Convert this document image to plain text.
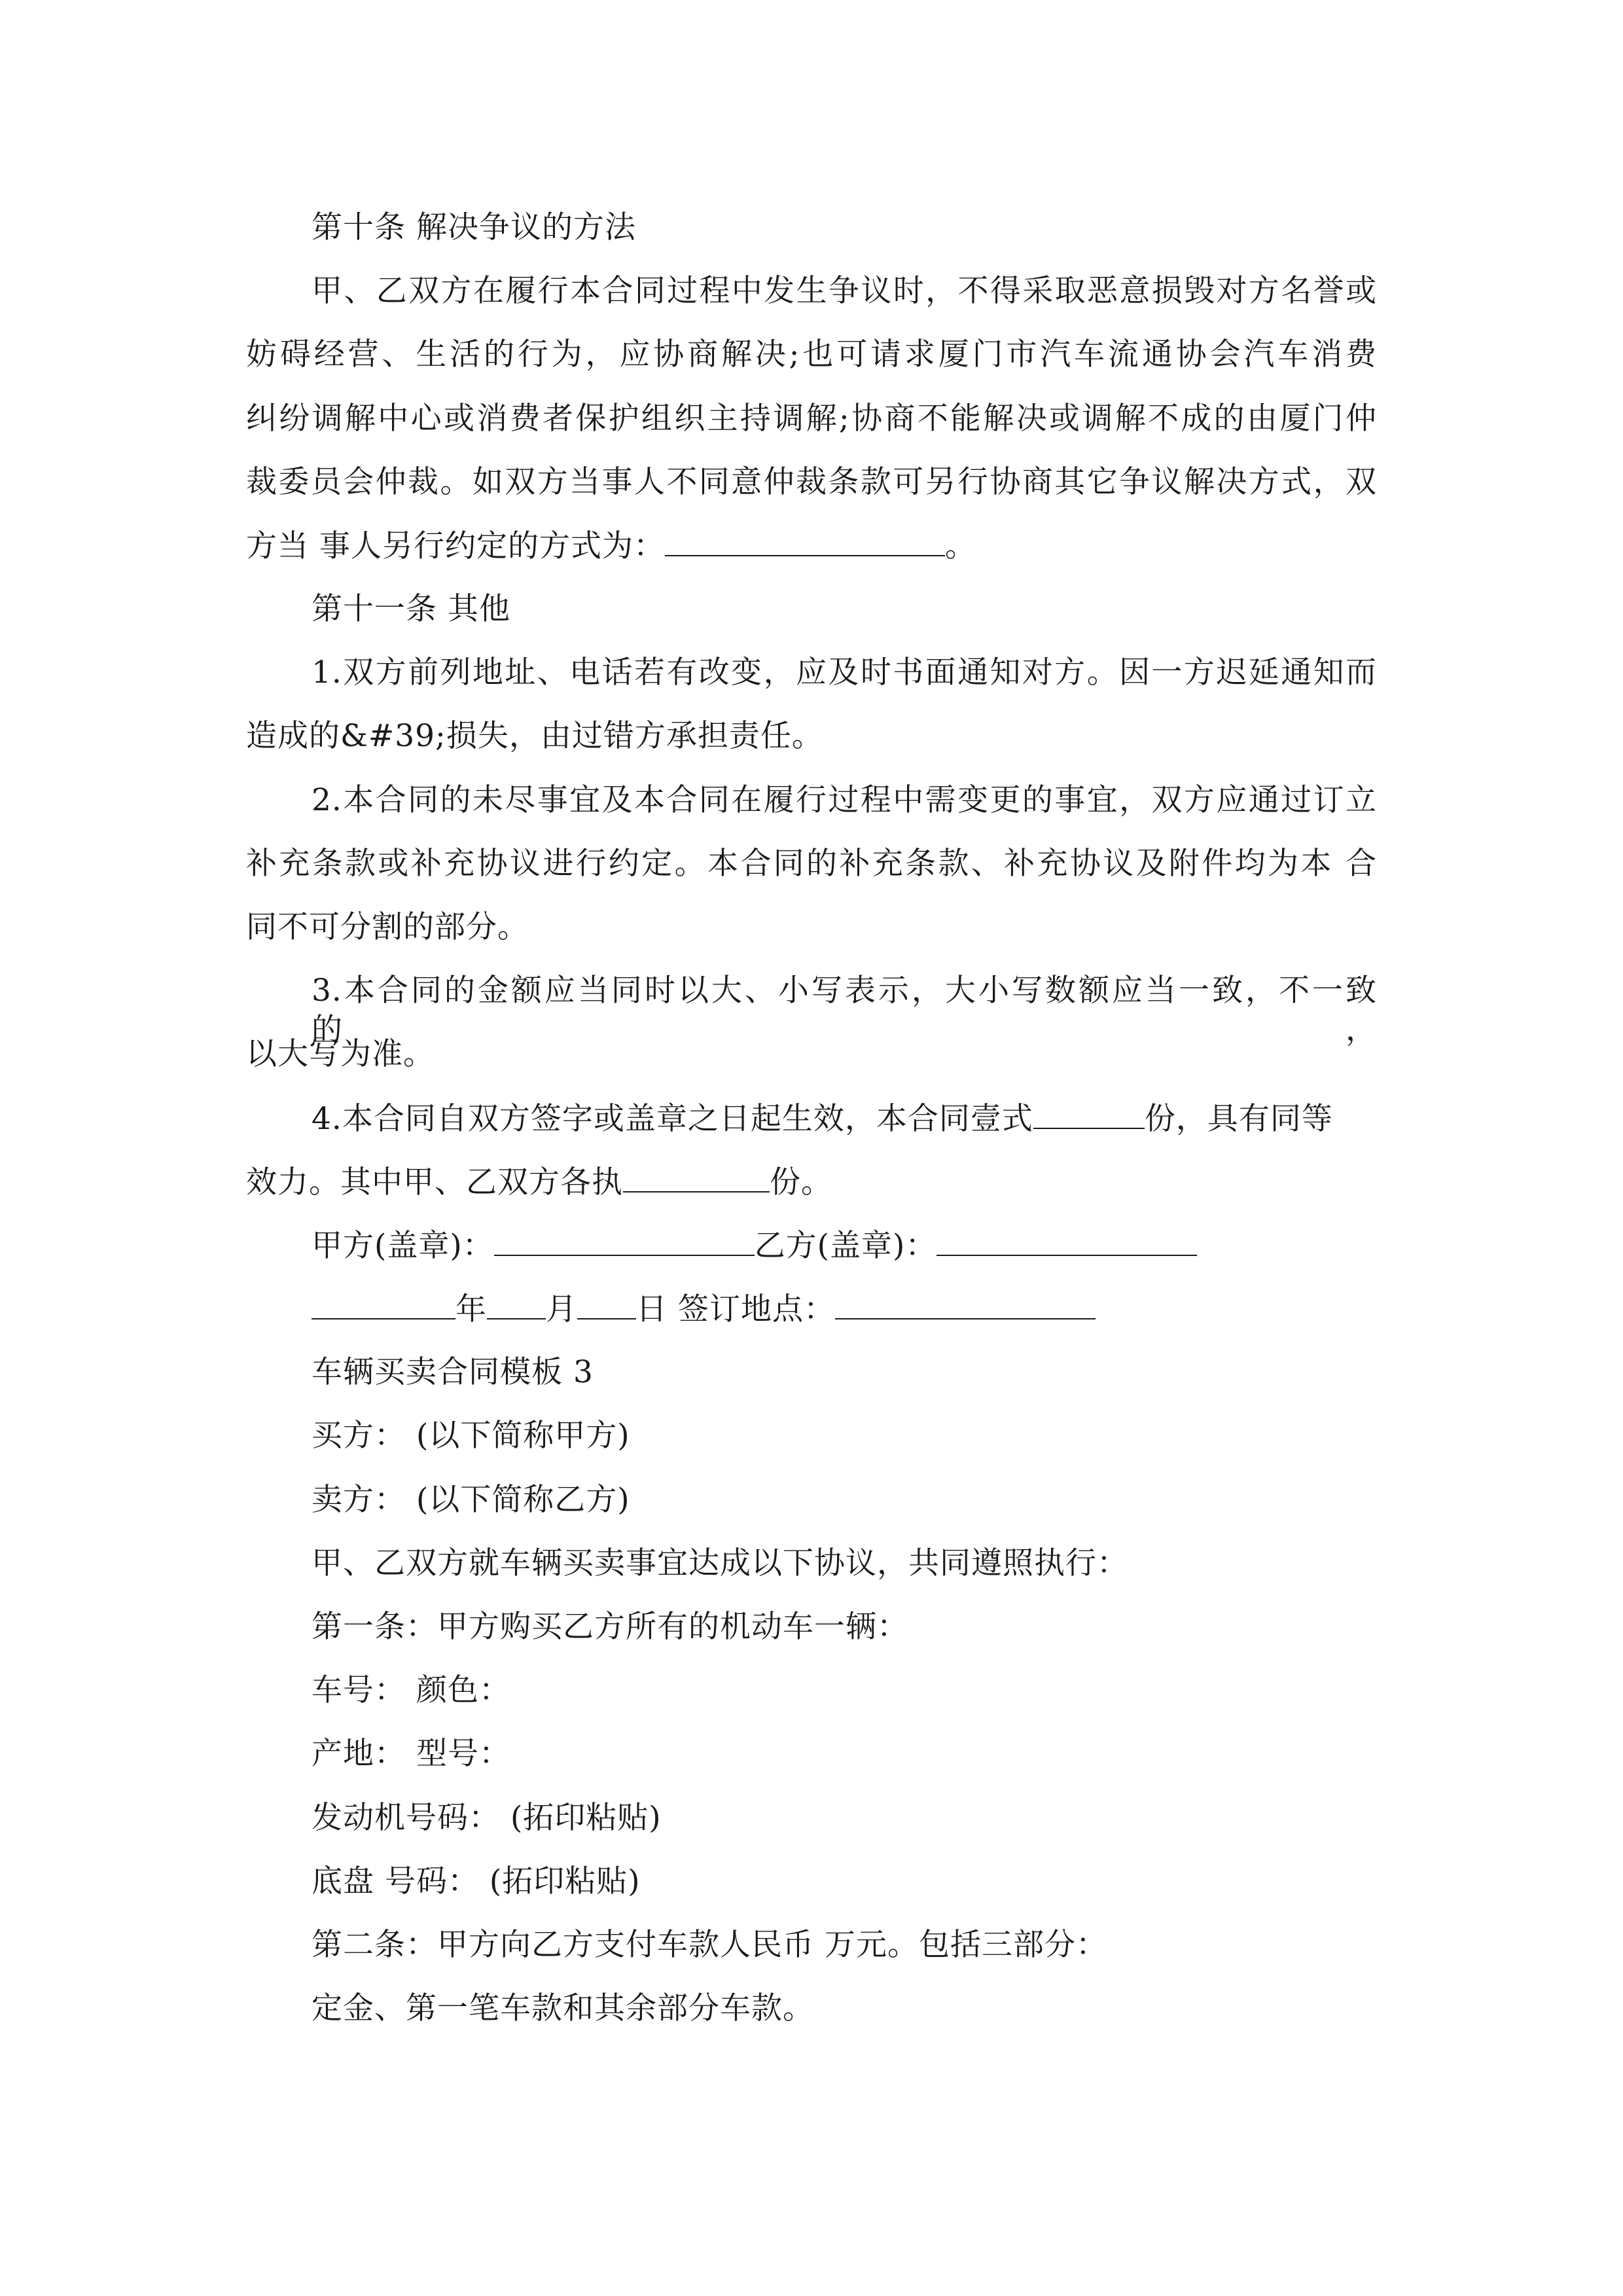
第十条 解决争议的方法
甲、乙双方在履行本合同过程中发生争议时，不得采取恶意损毁对方名誉或
妨碍经营、生活的行为，应协商解决;也可请求厦门市汽车流通协会汽车消费
纠纷调解中心或消费者保护组织主持调解;协商不能解决或调解不成的由厦门仲
裁委员会仲裁。如双方当事人不同意仲裁条款可另行协商其它争议解决方式，双
方当 事人另行约定的方式为：	。
第十一条 其他
1.双方前列地址、电话若有改变，应及时书面通知对方。因一方迟延通知而
造成的&#39;损失，由过错方承担责任。
2.本合同的未尽事宜及本合同在履行过程中需变更的事宜，双方应通过订立
补充条款或补充协议进行约定。本合同的补充条款、补充协议及附件均为本 合
同不可分割的部分。
3.本合同的金额应当同时以大、小写表示，大小写数额应当一致，不一致的，
以大写为准。
4.本合同自双方签字或盖章之日起生效，本合同壹式	份，具有同等
效力。其中甲、乙双方各执	份。
甲方(盖章)：	乙方(盖章)：
年 月 日 签订地点：
车辆买卖合同模板 3
买方： (以下简称甲方)
卖方： (以下简称乙方)
甲、乙双方就车辆买卖事宜达成以下协议，共同遵照执行：
第一条：甲方购买乙方所有的机动车一辆：
车号： 颜色：
产地： 型号：
发动机号码： (拓印粘贴)
底盘 号码： (拓印粘贴)
第二条：甲方向乙方支付车款人民币 万元。包括三部分：
定金、第一笔车款和其余部分车款。
